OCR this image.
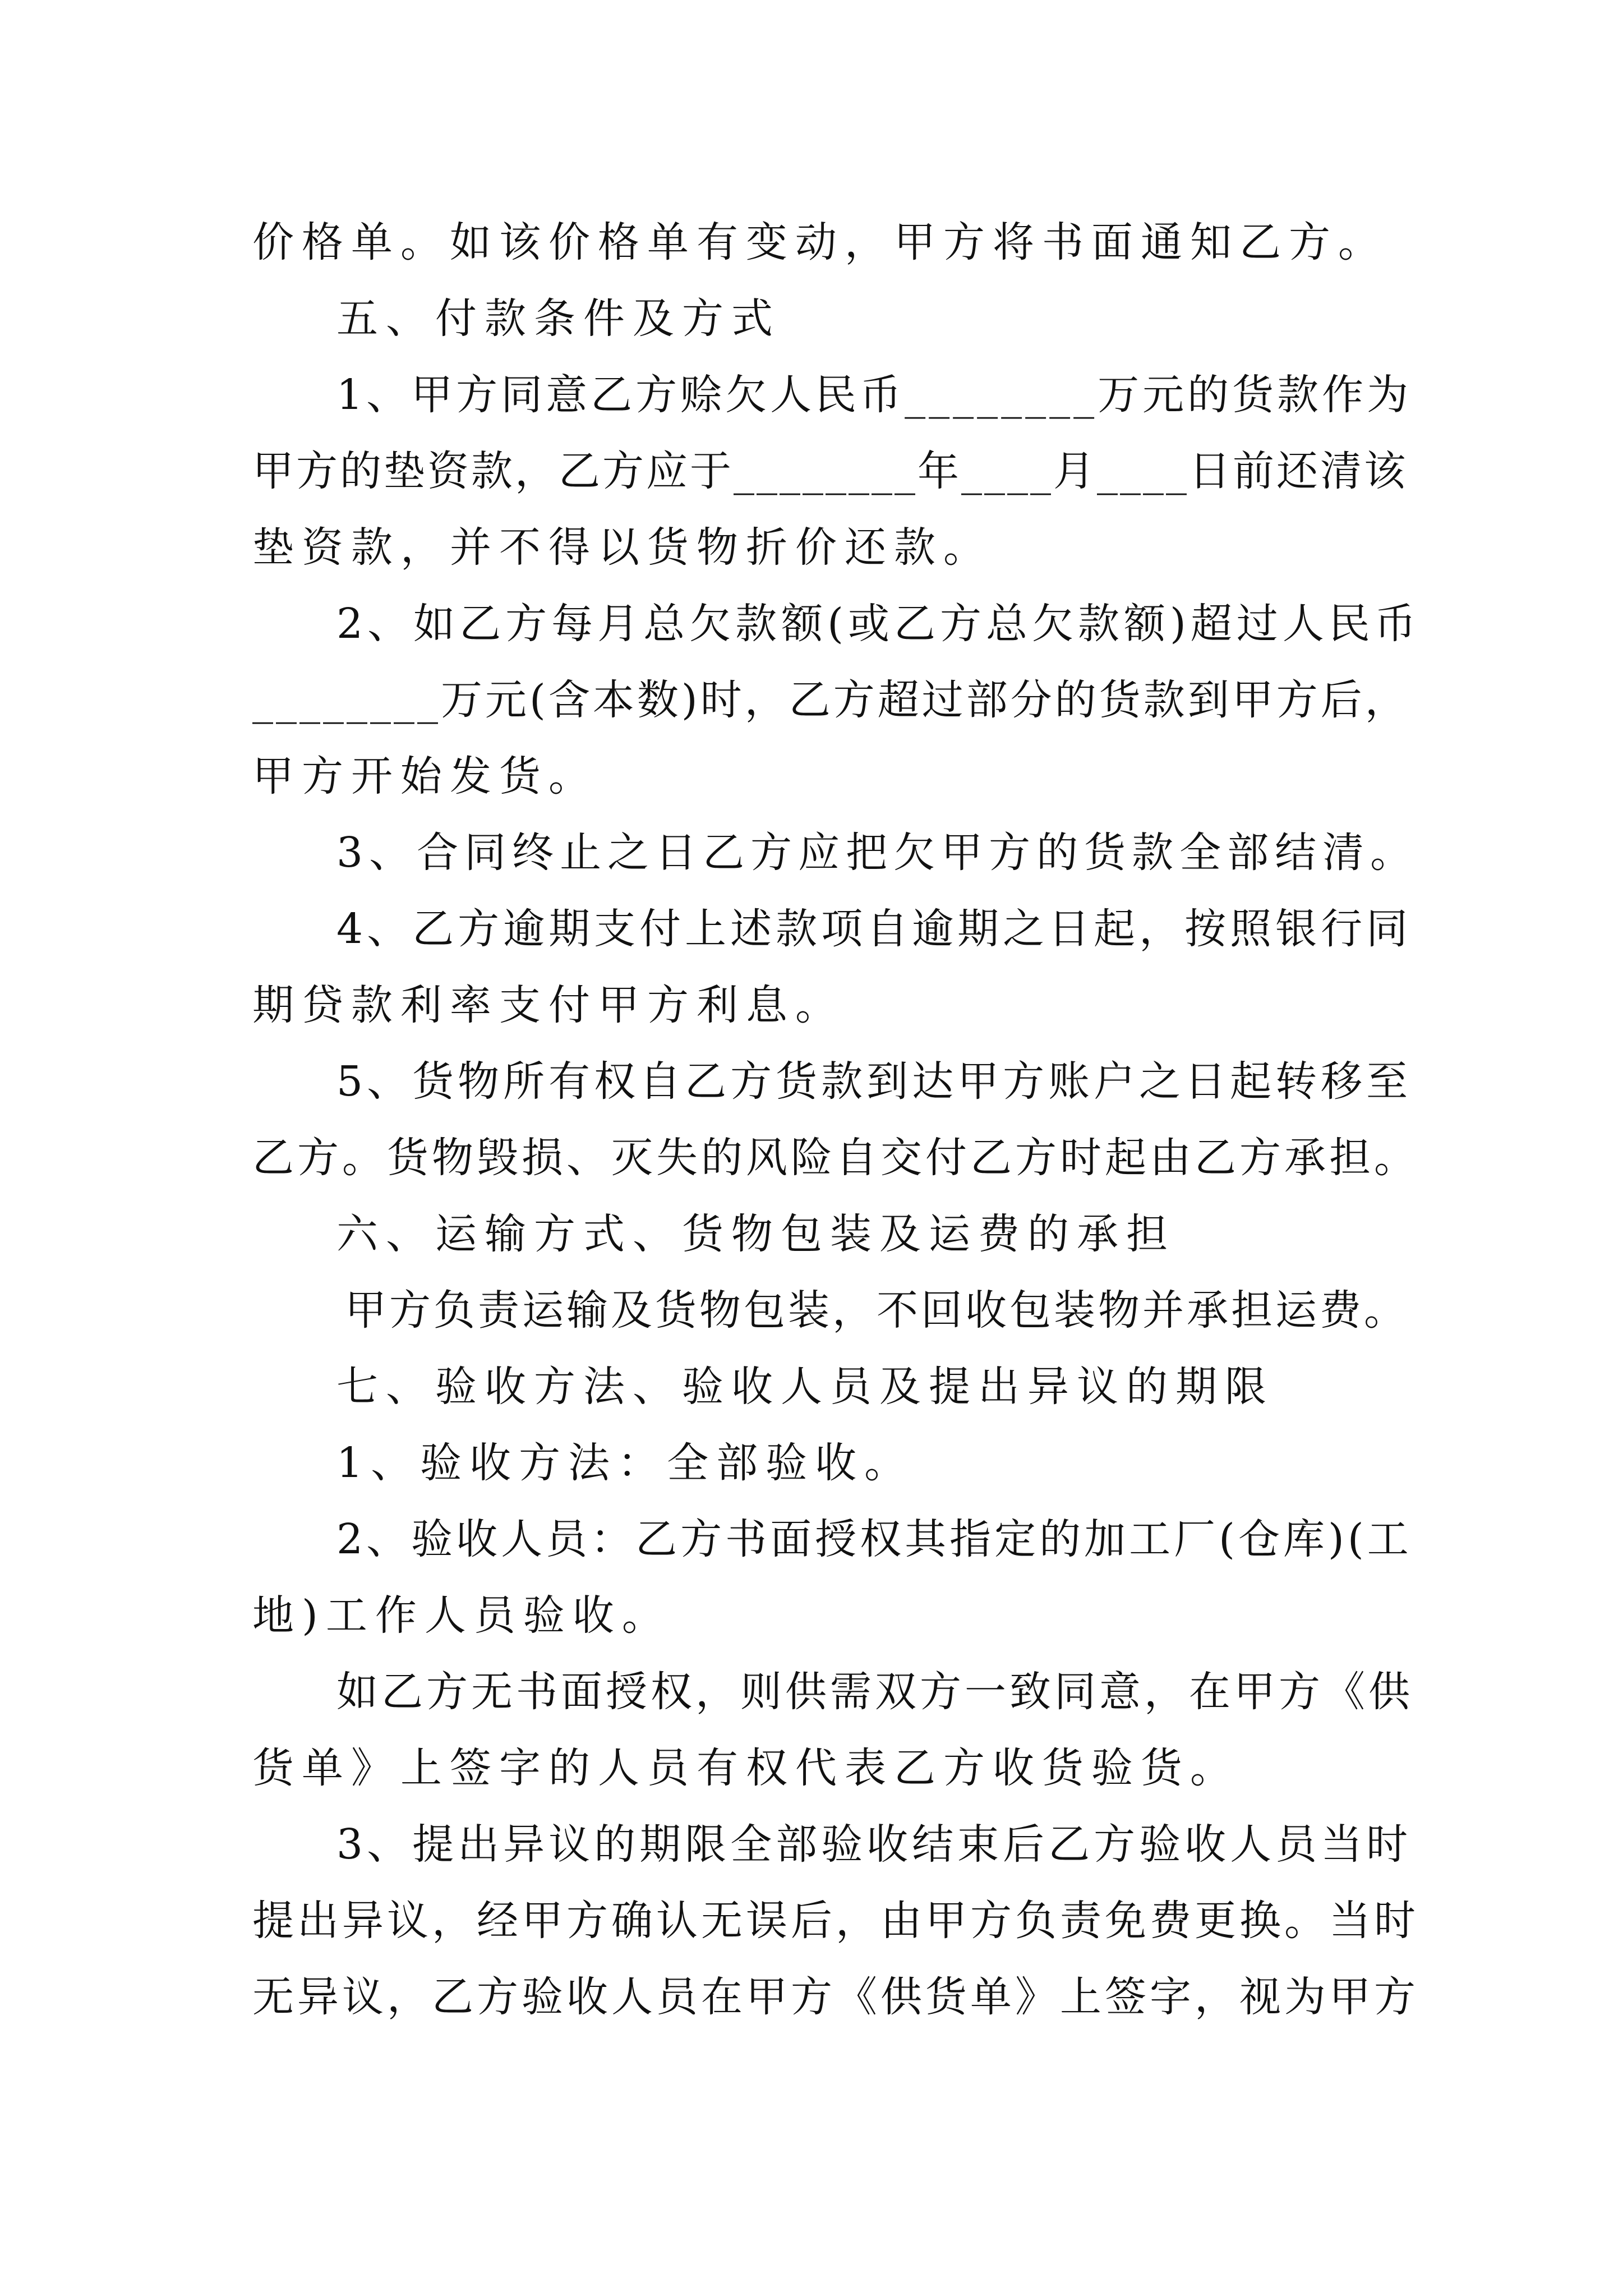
价格单。如该价格单有变动，甲方将书面通知乙方。
五、付款条件及方式
1、甲方同意乙方赊欠人民币________万元的货款作为
甲方的垫资款，乙方应于________年____月____日前还清该
垫资款，并不得以货物折价还款。
2、如乙方每月总欠款额(或乙方总欠款额)超过人民币
________万元(含本数)时，乙方超过部分的货款到甲方后，
甲方开始发货。
3、合同终止之日乙方应把欠甲方的货款全部结清。
4、乙方逾期支付上述款项自逾期之日起，按照银行同
期贷款利率支付甲方利息。
5、货物所有权自乙方货款到达甲方账户之日起转移至
乙方。货物毁损、灭失的风险自交付乙方时起由乙方承担。
六、运输方式、货物包装及运费的承担
甲方负责运输及货物包装，不回收包装物并承担运费。
七、验收方法、验收人员及提出异议的期限
1、验收方法：全部验收。
2、验收人员：乙方书面授权其指定的加工厂(仓库)(工
地)工作人员验收。
如乙方无书面授权，则供需双方一致同意，在甲方《供
货单》上签字的人员有权代表乙方收货验货。
3、提出异议的期限全部验收结束后乙方验收人员当时
提出异议，经甲方确认无误后，由甲方负责免费更换。当时
无异议，乙方验收人员在甲方《供货单》上签字，视为甲方
